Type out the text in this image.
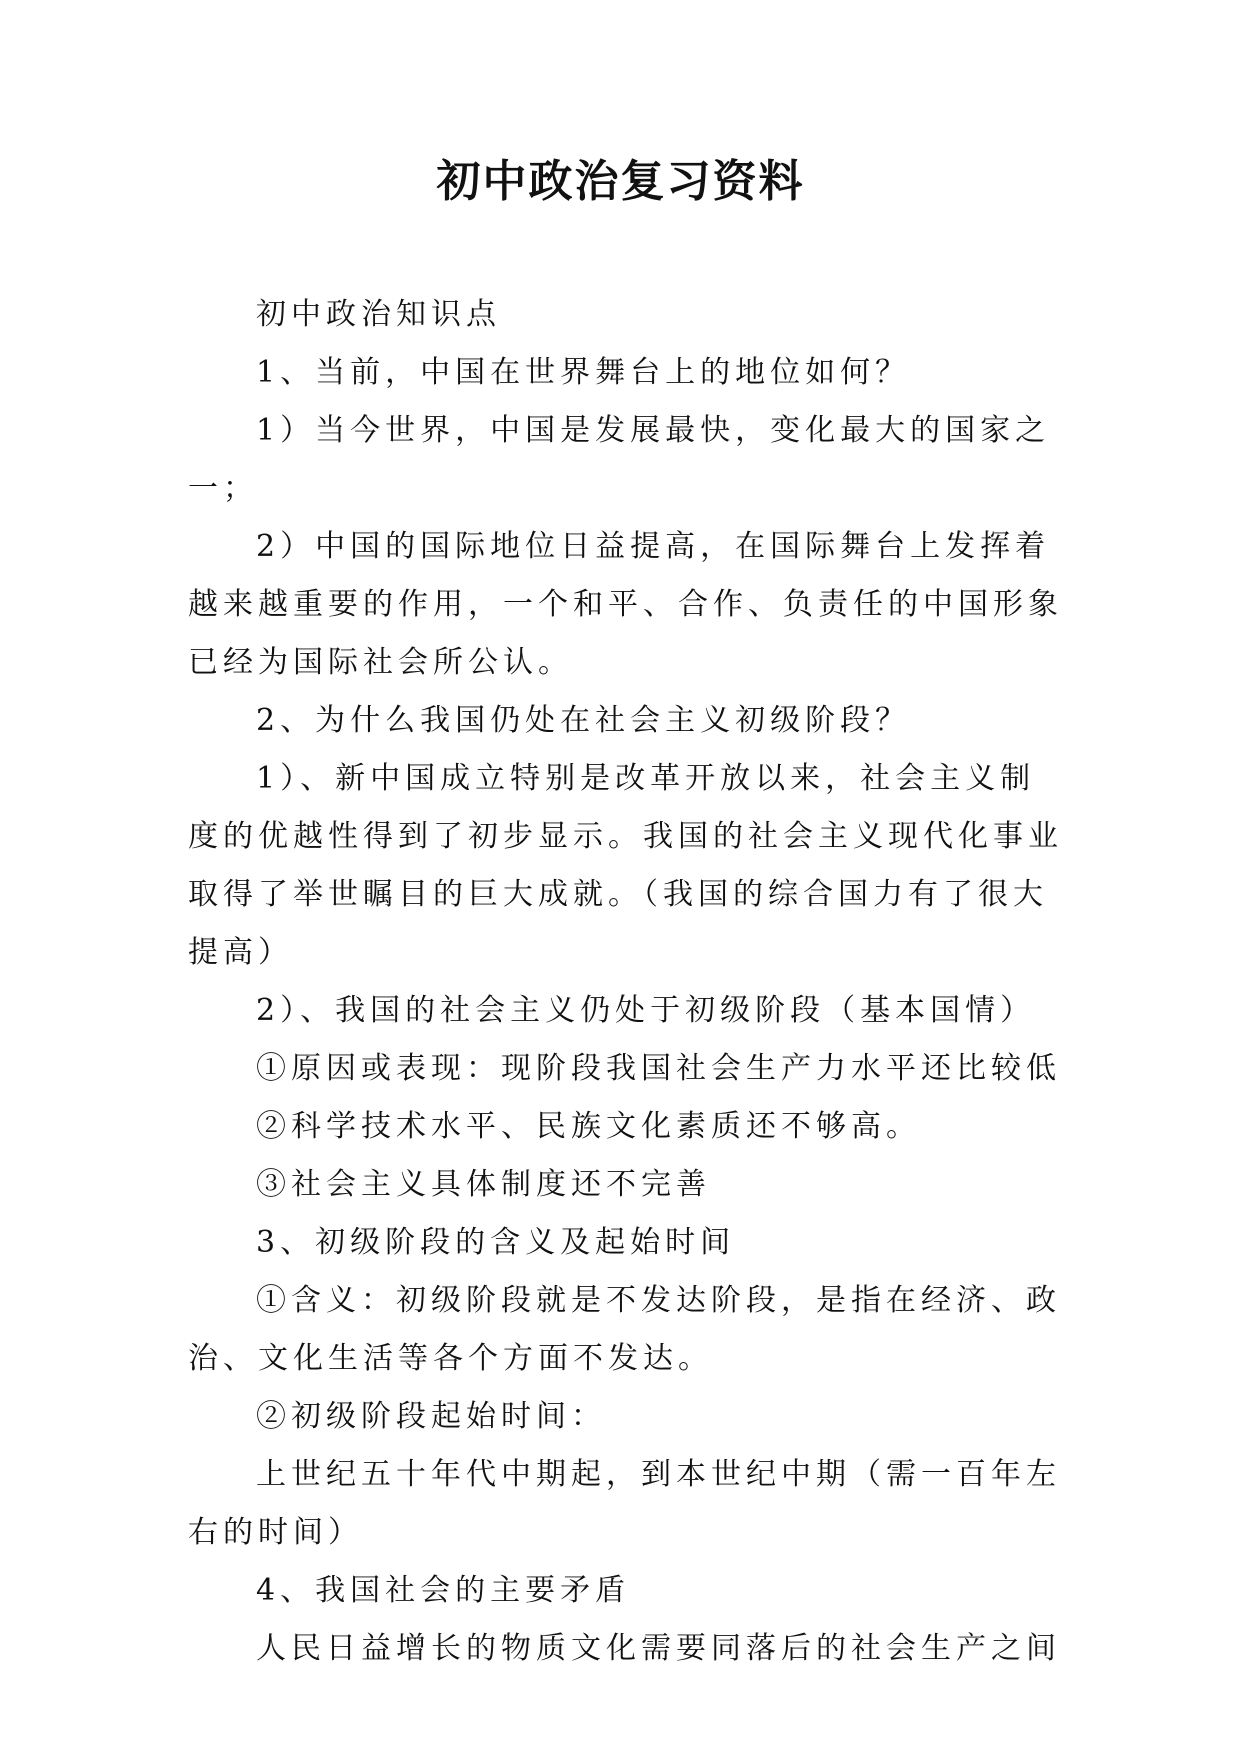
初中政治复习资料

初中政治知识点

1、当前，中国在世界舞台上的地位如何？

1）当今世界，中国是发展最快，变化最大的国家之一；

2）中国的国际地位日益提高，在国际舞台上发挥着越来越重要的作用，一个和平、合作、负责任的中国形象已经为国际社会所公认。

2、为什么我国仍处在社会主义初级阶段？

1）、新中国成立特别是改革开放以来，社会主义制度的优越性得到了初步显示。我国的社会主义现代化事业取得了举世瞩目的巨大成就。（我国的综合国力有了很大提高）

2）、我国的社会主义仍处于初级阶段（基本国情）

①原因或表现：现阶段我国社会生产力水平还比较低

②科学技术水平、民族文化素质还不够高。

③社会主义具体制度还不完善

3、初级阶段的含义及起始时间

①含义：初级阶段就是不发达阶段，是指在经济、政治、文化生活等各个方面不发达。

②初级阶段起始时间：

上世纪五十年代中期起，到本世纪中期（需一百年左右的时间）

4、我国社会的主要矛盾

人民日益增长的物质文化需要同落后的社会生产之间
